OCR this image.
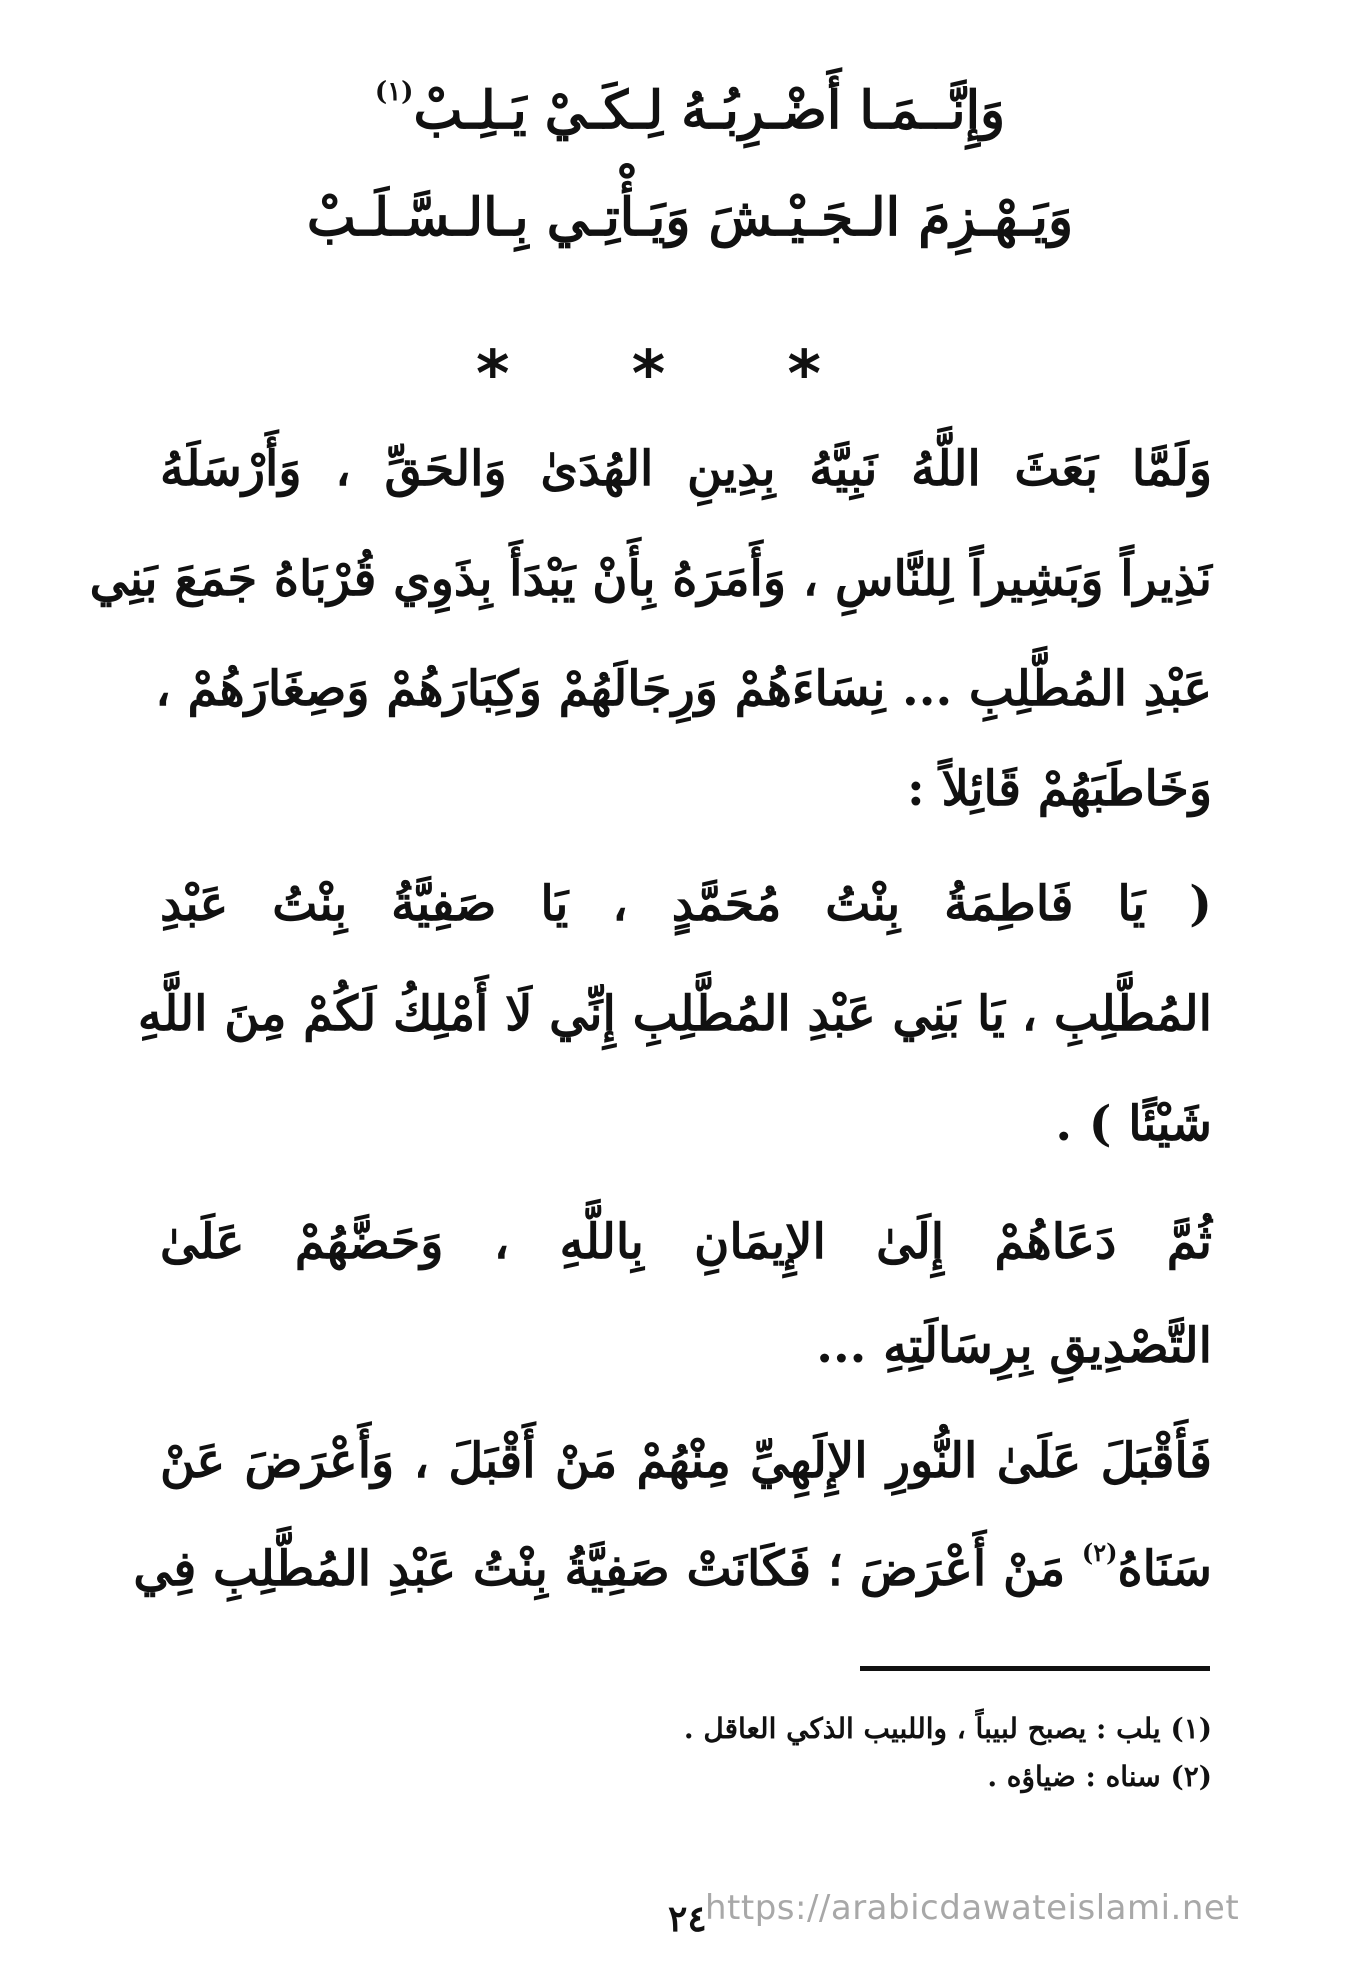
وَإِنَّــمَـا أَضْـرِبُـهُ لِـكَـيْ يَـلِـبْ$^{(١)}$
وَيَـهْـزِمَ الـجَـيْـشَ وَيَـأْتِـي بِـالـسَّـلَـبْ
* * *
وَلَمَّا بَعَثَ اللَّهُ نَبِيَّهُ بِدِينِ الهُدَىٰ وَالحَقِّ ، وَأَرْسَلَهُ
نَذِيراً وَبَشِيراً لِلنَّاسِ ، وَأَمَرَهُ بِأَنْ يَبْدَأَ بِذَوِي قُرْبَاهُ جَمَعَ بَنِي
عَبْدِ المُطَّلِبِ ... نِسَاءَهُمْ وَرِجَالَهُمْ وَكِبَارَهُمْ وَصِغَارَهُمْ ،
وَخَاطَبَهُمْ قَائِلاً :
( يَا فَاطِمَةُ بِنْتُ مُحَمَّدٍ ، يَا صَفِيَّةُ بِنْتُ عَبْدِ
المُطَّلِبِ ، يَا بَنِي عَبْدِ المُطَّلِبِ إِنِّي لَا أَمْلِكُ لَكُمْ مِنَ اللَّهِ
شَيْئًا ) .
ثُمَّ دَعَاهُمْ إِلَىٰ الإِيمَانِ بِاللَّهِ ، وَحَضَّهُمْ عَلَىٰ
التَّصْدِيقِ بِرِسَالَتِهِ ...
فَأَقْبَلَ عَلَىٰ النُّورِ الإِلَهِيِّ مِنْهُمْ مَنْ أَقْبَلَ ، وَأَعْرَضَ عَنْ
سَنَاهُ$^{(٢)}$ مَنْ أَعْرَضَ ؛ فَكَانَتْ صَفِيَّةُ بِنْتُ عَبْدِ المُطَّلِبِ فِي
(١) يلب : يصبح لبيباً ، واللبيب الذكي العاقل .
(٢) سناه : ضياؤه .
٢٤
https://arabicdawateislami.net
